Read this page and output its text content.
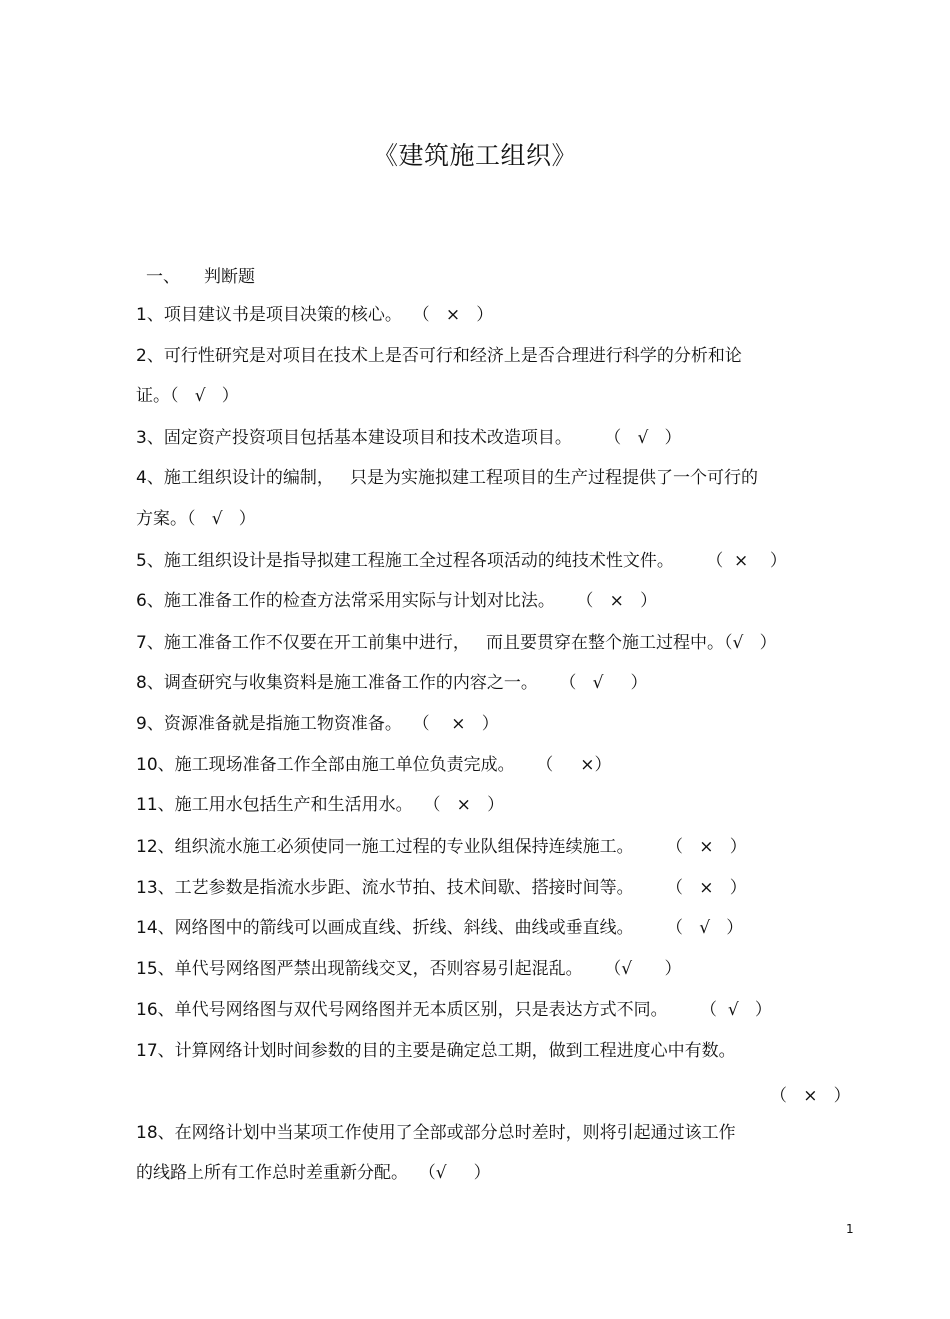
《建筑施工组织》
一、 判断题
1、项目建议书是项目决策的核心。  （   ×   ）
2、可行性研究是对项目在技术上是否可行和经济上是否合理进行科学的分析和论
证。（   √   ）
3、固定资产投资项目包括基本建设项目和技术改造项目。      （   √   ）
4、施工组织设计的编制，   只是为实施拟建工程项目的生产过程提供了一个可行的
方案。（   √   ）
5、施工组织设计是指导拟建工程施工全过程各项活动的纯技术性文件。      （  ×    ）
6、施工准备工作的检查方法常采用实际与计划对比法。    （   ×   ）
7、施工准备工作不仅要在开工前集中进行，   而且要贯穿在整个施工过程中。（√   ）
8、调查研究与收集资料是施工准备工作的内容之一。    （   √     ）
9、资源准备就是指施工物资准备。  （    ×   ）
10、施工现场准备工作全部由施工单位负责完成。    （     ×）
11、施工用水包括生产和生活用水。  （   ×   ）
12、组织流水施工必须使同一施工过程的专业队组保持连续施工。      （   ×   ）
13、工艺参数是指流水步距、流水节拍、技术间歇、搭接时间等。      （   ×   ）
14、网络图中的箭线可以画成直线、折线、斜线、曲线或垂直线。      （   √   ）
15、单代号网络图严禁出现箭线交叉，否则容易引起混乱。    （√      ）
16、单代号网络图与双代号网络图并无本质区别，只是表达方式不同。      （  √   ）
17、计算网络计划时间参数的目的主要是确定总工期，做到工程进度心中有数。
（   ×   ）
18、在网络计划中当某项工作使用了全部或部分总时差时，则将引起通过该工作
的线路上所有工作总时差重新分配。  （√     ）
1
